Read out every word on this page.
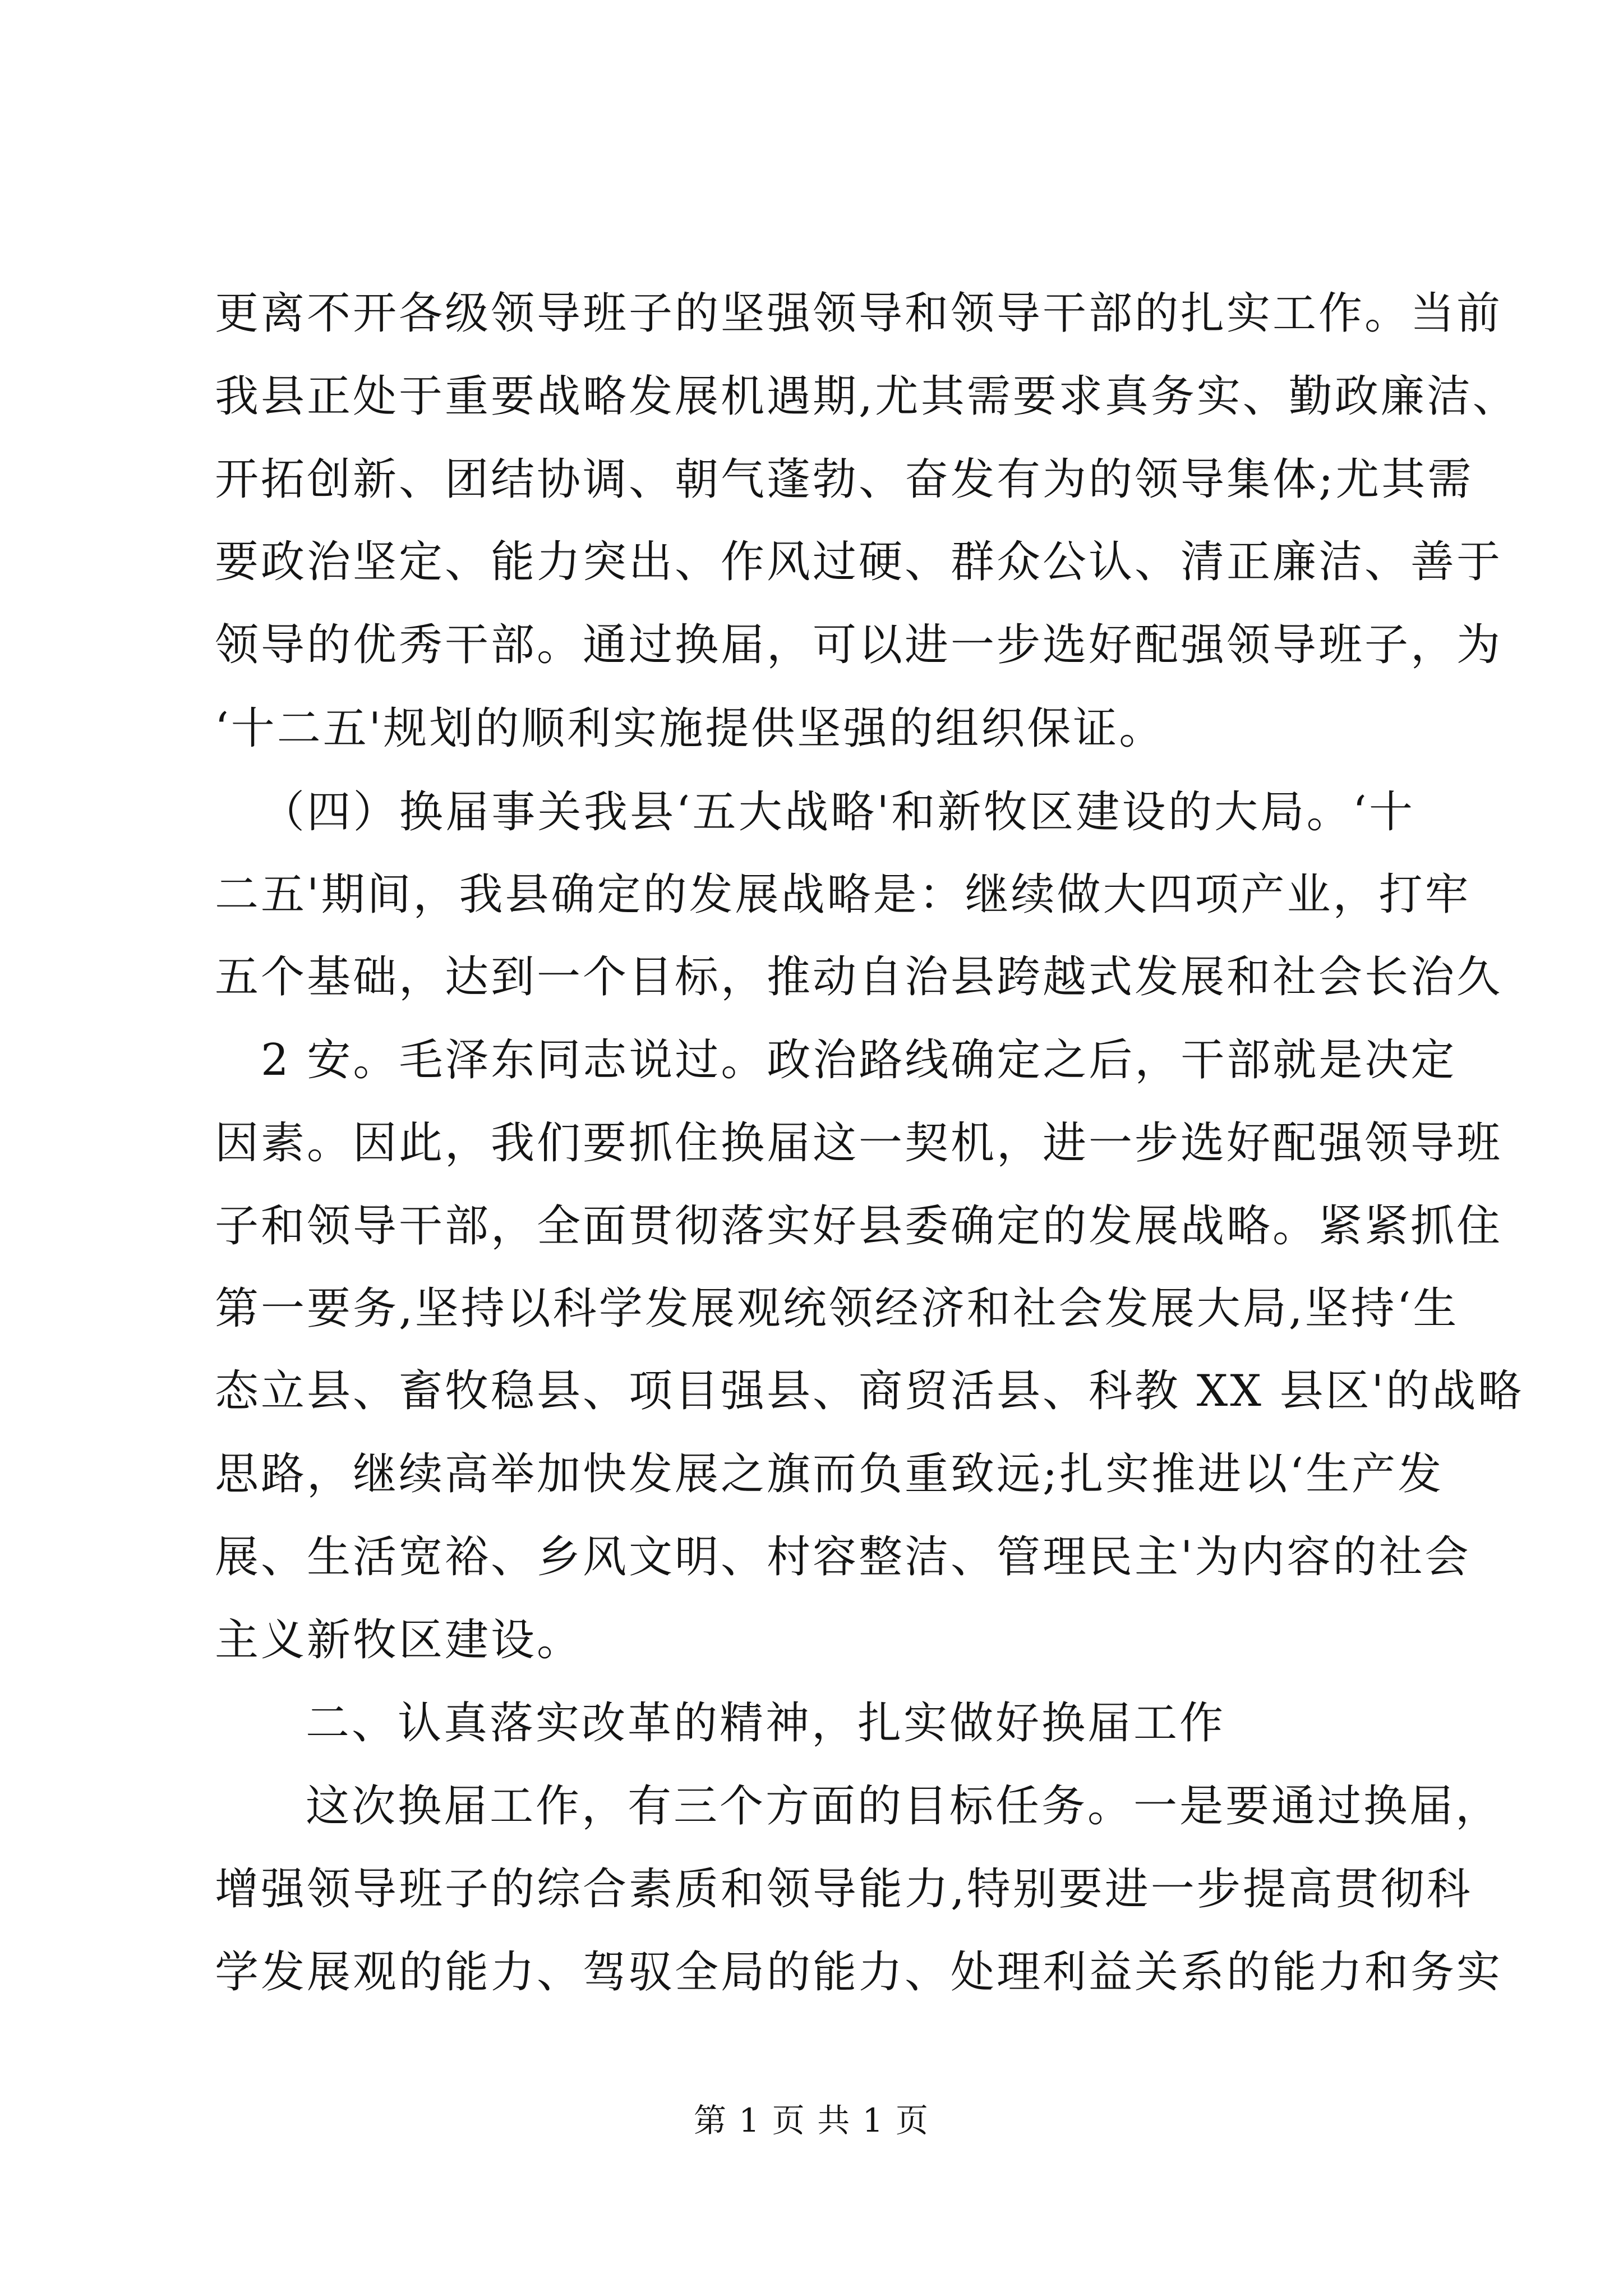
更离不开各级领导班子的坚强领导和领导干部的扎实工作。当前
我县正处于重要战略发展机遇期,尤其需要求真务实、勤政廉洁、
开拓创新、团结协调、朝气蓬勃、奋发有为的领导集体;尤其需
要政治坚定、能力突出、作风过硬、群众公认、清正廉洁、善于
领导的优秀干部。通过换届，可以进一步选好配强领导班子，为
‘十二五'规划的顺利实施提供坚强的组织保证。
（四）换届事关我县‘五大战略'和新牧区建设的大局。‘十
二五'期间，我县确定的发展战略是：继续做大四项产业，打牢
五个基础，达到一个目标，推动自治县跨越式发展和社会长治久
2 安。毛泽东同志说过。政治路线确定之后，干部就是决定
因素。因此，我们要抓住换届这一契机，进一步选好配强领导班
子和领导干部，全面贯彻落实好县委确定的发展战略。紧紧抓住
第一要务,坚持以科学发展观统领经济和社会发展大局,坚持‘生
态立县、畜牧稳县、项目强县、商贸活县、科教 XX 县区'的战略
思路，继续高举加快发展之旗而负重致远;扎实推进以‘生产发
展、生活宽裕、乡风文明、村容整洁、管理民主'为内容的社会
主义新牧区建设。
二、认真落实改革的精神，扎实做好换届工作
这次换届工作，有三个方面的目标任务。一是要通过换届，
增强领导班子的综合素质和领导能力,特别要进一步提高贯彻科
学发展观的能力、驾驭全局的能力、处理利益关系的能力和务实
第 1 页 共 1 页
